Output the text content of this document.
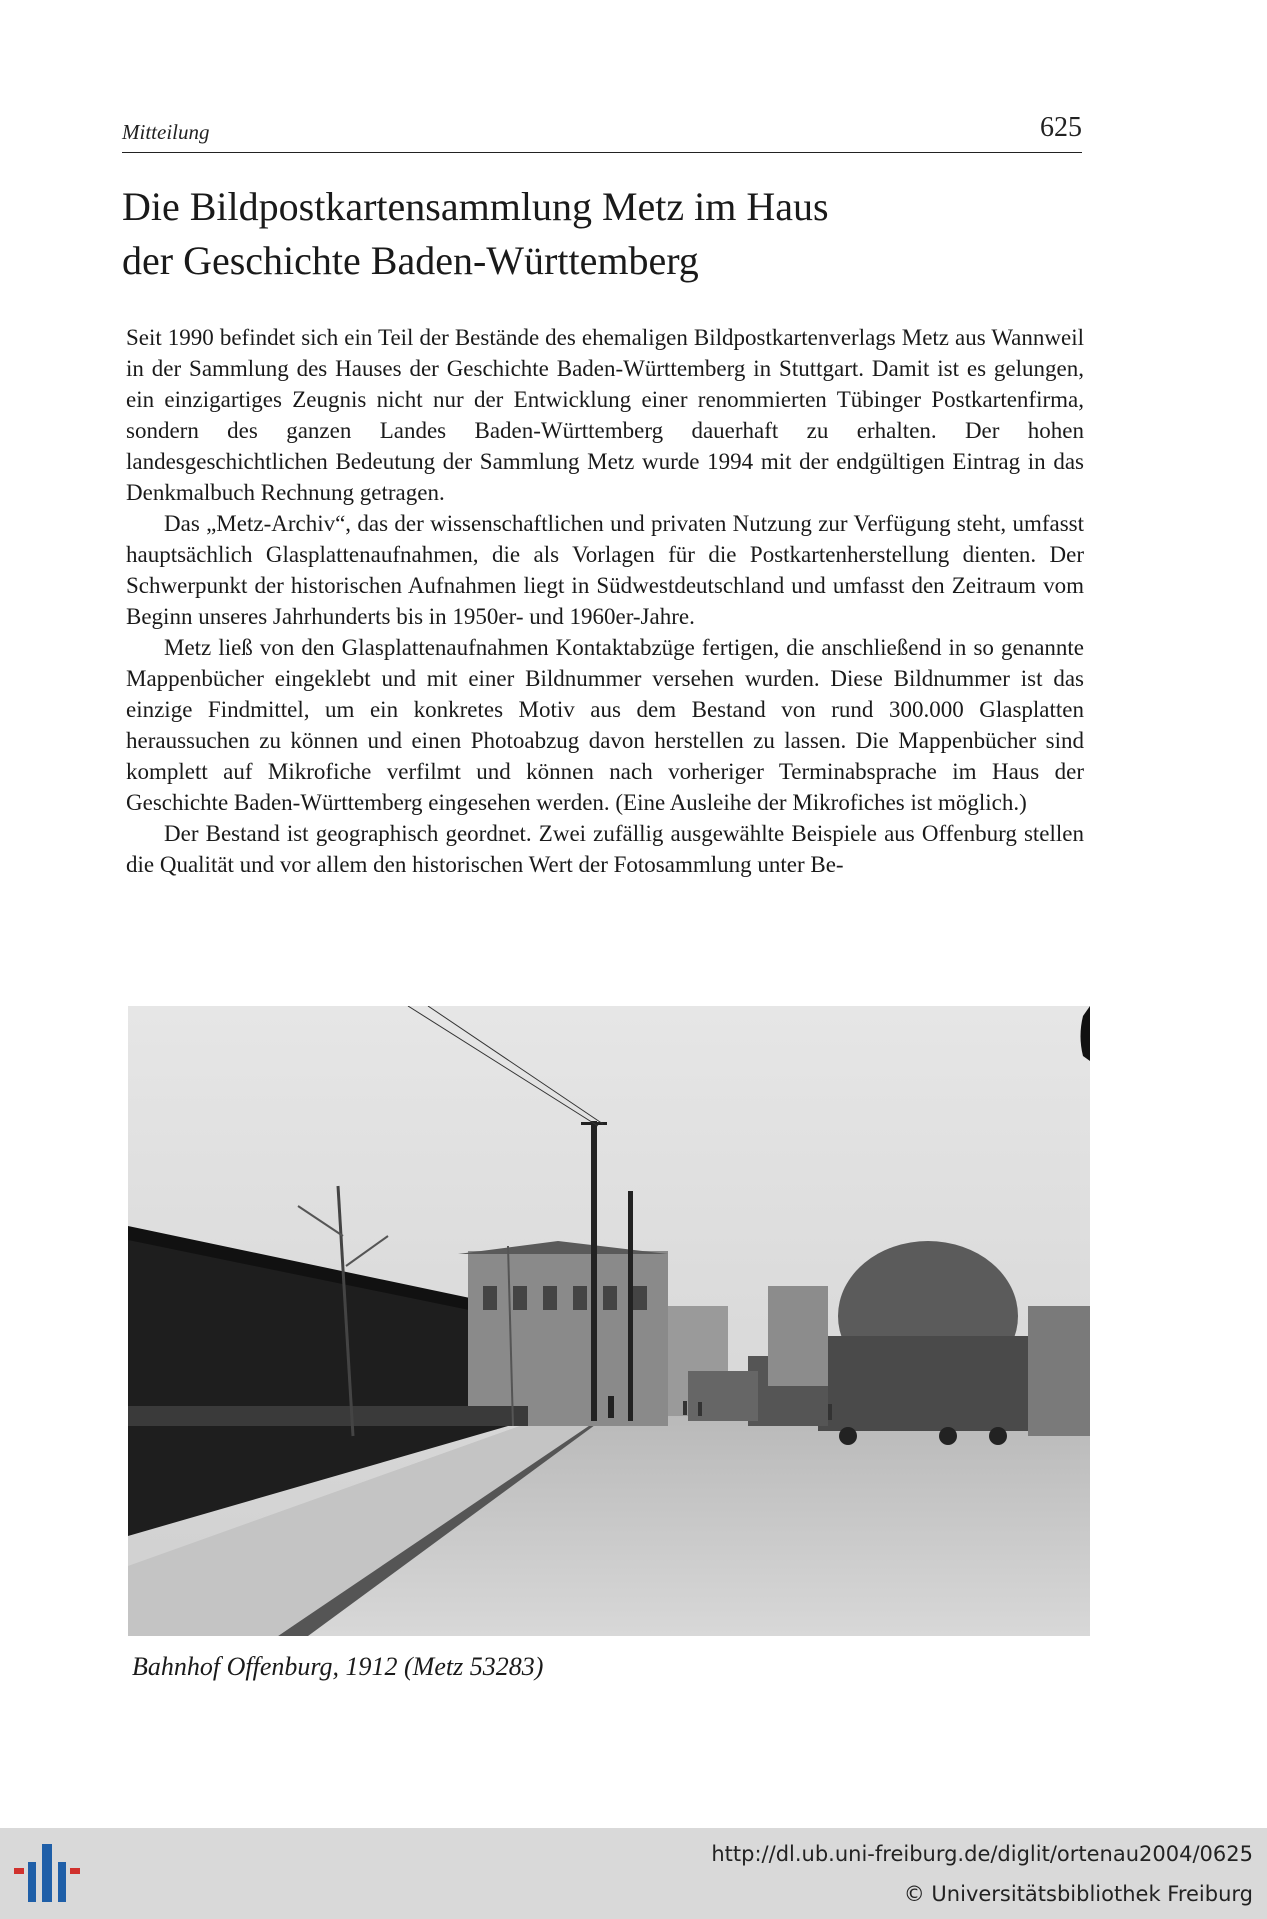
Mitteilung	625
Die Bildpostkartensammlung Metz im Haus
der Geschichte Baden-Württemberg

Seit 1990 befindet sich ein Teil der Bestände des ehemaligen Bildpostkartenverlags Metz aus Wannweil in der Sammlung des Hauses der Geschichte Baden-Württemberg in Stuttgart. Damit ist es gelungen, ein einzigartiges Zeugnis nicht nur der Entwicklung einer renommierten Tübinger Postkartenfirma, sondern des ganzen Landes Baden-Württemberg dauerhaft zu erhalten. Der hohen landesgeschichtlichen Bedeutung der Sammlung Metz wurde 1994 mit der endgültigen Eintrag in das Denkmalbuch Rechnung getragen.

Das „Metz-Archiv“, das der wissenschaftlichen und privaten Nutzung zur Verfügung steht, umfasst hauptsächlich Glasplattenaufnahmen, die als Vorlagen für die Postkartenherstellung dienten. Der Schwerpunkt der historischen Aufnahmen liegt in Südwestdeutschland und umfasst den Zeitraum vom Beginn unseres Jahrhunderts bis in 1950er- und 1960er-Jahre.

Metz ließ von den Glasplattenaufnahmen Kontaktabzüge fertigen, die anschließend in so genannte Mappenbücher eingeklebt und mit einer Bildnummer versehen wurden. Diese Bildnummer ist das einzige Findmittel, um ein konkretes Motiv aus dem Bestand von rund 300.000 Glasplatten heraussuchen zu können und einen Photoabzug davon herstellen zu lassen. Die Mappenbücher sind komplett auf Mikrofiche verfilmt und können nach vorheriger Terminabsprache im Haus der Geschichte Baden-Württemberg eingesehen werden. (Eine Ausleihe der Mikrofiches ist möglich.)

Der Bestand ist geographisch geordnet. Zwei zufällig ausgewählte Beispiele aus Offenburg stellen die Qualität und vor allem den historischen Wert der Fotosammlung unter Be-

Bahnhof Offenburg, 1912 (Metz 53283)
http://dl.ub.uni-freiburg.de/diglit/ortenau2004/0625
© Universitätsbibliothek Freiburg
